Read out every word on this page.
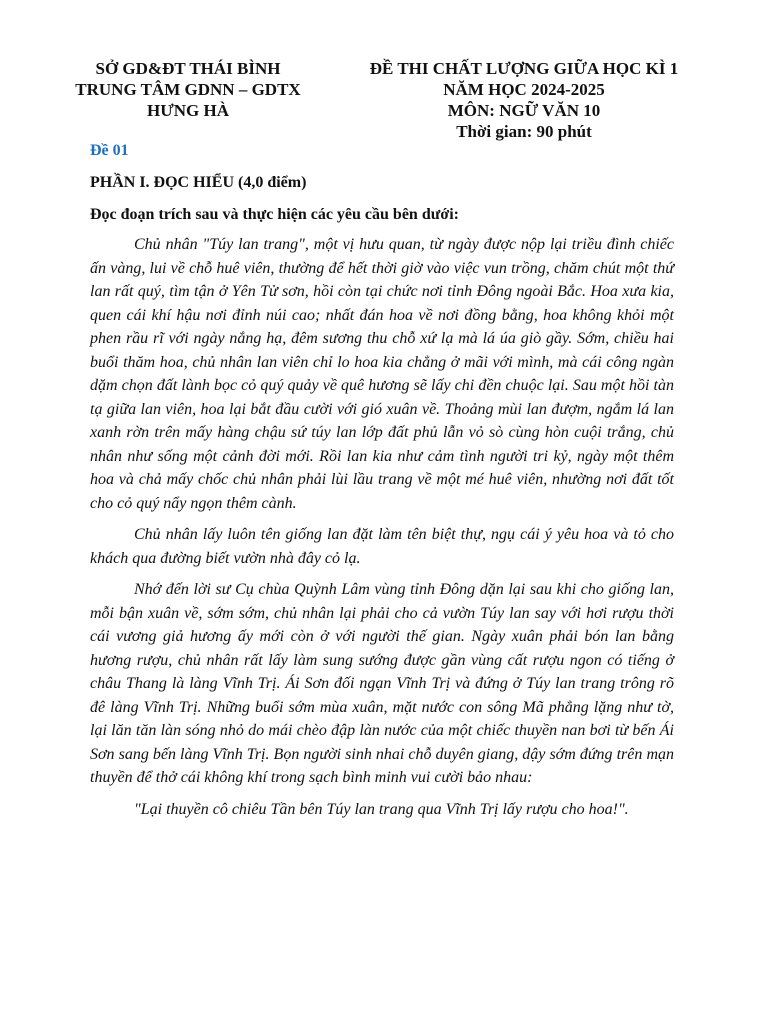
SỞ GD&ĐT THÁI BÌNH
TRUNG TÂM GDNN – GDTX
HƯNG HÀ
ĐỀ THI CHẤT LƯỢNG GIỮA HỌC KÌ 1
NĂM HỌC 2024-2025
MÔN: NGỮ VĂN 10
Thời gian: 90 phút
Đề 01
PHẦN I. ĐỌC HIỂU (4,0 điểm)
Đọc đoạn trích sau và thực hiện các yêu cầu bên dưới:

Chủ nhân "Túy lan trang", một vị hưu quan, từ ngày được nộp lại triều đình chiếc ấn vàng, lui về chỗ huê viên, thường để hết thời giờ vào việc vun trồng, chăm chút một thứ lan rất quý, tìm tận ở Yên Tử sơn, hồi còn tại chức nơi tỉnh Đông ngoài Bắc. Hoa xưa kia, quen cái khí hậu nơi đỉnh núi cao; nhất đán hoa về nơi đồng bằng, hoa không khỏi một phen rầu rĩ với ngày nắng hạ, đêm sương thu chỗ xứ lạ mà lá úa giò gầy. Sớm, chiều hai buổi thăm hoa, chủ nhân lan viên chỉ lo hoa kia chẳng ở mãi với mình, mà cái công ngàn dặm chọn đất lành bọc cỏ quý quảy về quê hương sẽ lấy chi đền chuộc lại. Sau một hồi tàn tạ giữa lan viên, hoa lại bắt đầu cười với gió xuân về. Thoảng mùi lan đượm, ngắm lá lan xanh rờn trên mấy hàng chậu sứ túy lan lớp đất phủ lẫn vỏ sò cùng hòn cuội trắng, chủ nhân như sống một cảnh đời mới. Rồi lan kia như cảm tình người tri kỷ, ngày một thêm hoa và chả mấy chốc chủ nhân phải lùi lầu trang về một mé huê viên, nhường nơi đất tốt cho cỏ quý nẩy ngọn thêm cành.

Chủ nhân lấy luôn tên giống lan đặt làm tên biệt thự, ngụ cái ý yêu hoa và tỏ cho khách qua đường biết vườn nhà đây cỏ lạ.

Nhớ đến lời sư Cụ chùa Quỳnh Lâm vùng tỉnh Đông dặn lại sau khi cho giống lan, mỗi bận xuân về, sớm sớm, chủ nhân lại phải cho cả vườn Túy lan say với hơi rượu thời cái vương giả hương ấy mới còn ở với người thế gian. Ngày xuân phải bón lan bằng hương rượu, chủ nhân rất lấy làm sung sướng được gần vùng cất rượu ngon có tiếng ở châu Thang là làng Vĩnh Trị. Ái Sơn đối ngạn Vĩnh Trị và đứng ở Túy lan trang trông rõ đê làng Vĩnh Trị. Những buổi sớm mùa xuân, mặt nước con sông Mã phẳng lặng như tờ, lại lăn tăn làn sóng nhỏ do mái chèo đập làn nước của một chiếc thuyền nan bơi từ bến Ái Sơn sang bến làng Vĩnh Trị. Bọn người sinh nhai chỗ duyên giang, dậy sớm đứng trên mạn thuyền để thở cái không khí trong sạch bình minh vui cười bảo nhau:

"Lại thuyền cô chiêu Tần bên Túy lan trang qua Vĩnh Trị lấy rượu cho hoa!".
